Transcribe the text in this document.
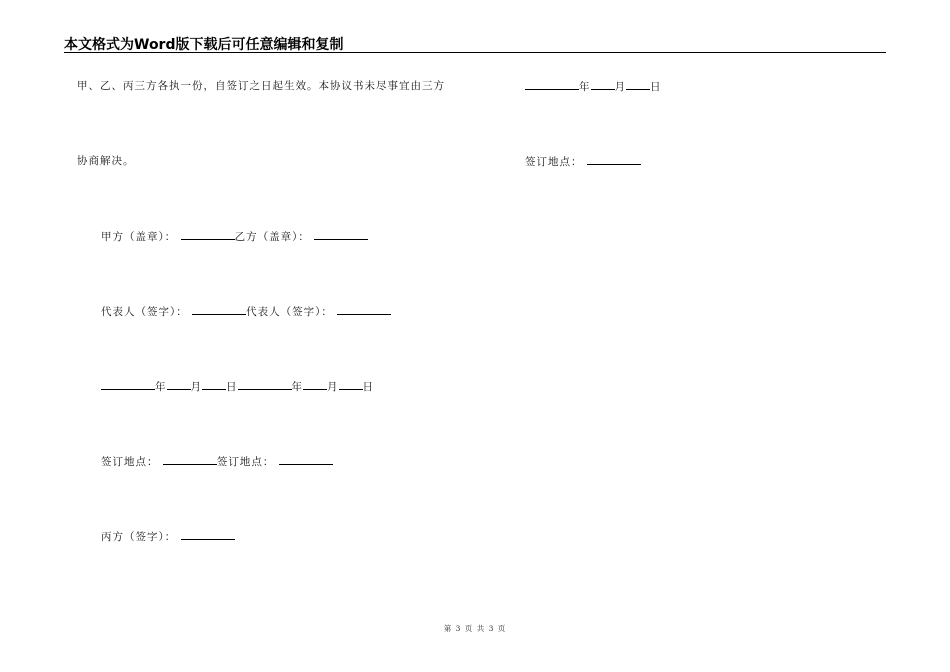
本文格式为Word版下载后可任意编辑和复制
甲、乙、丙三方各执一份，自签订之日起生效。本协议书未尽事宜由三方
协商解决。
甲方（盖章）：	乙方（盖章）：
代表人（签字）：	代表人（签字）：
年 月 日	年 月 日
签订地点：	签订地点：
丙方（签字）：
年 月 日
签订地点：
第 3 页 共 3 页
